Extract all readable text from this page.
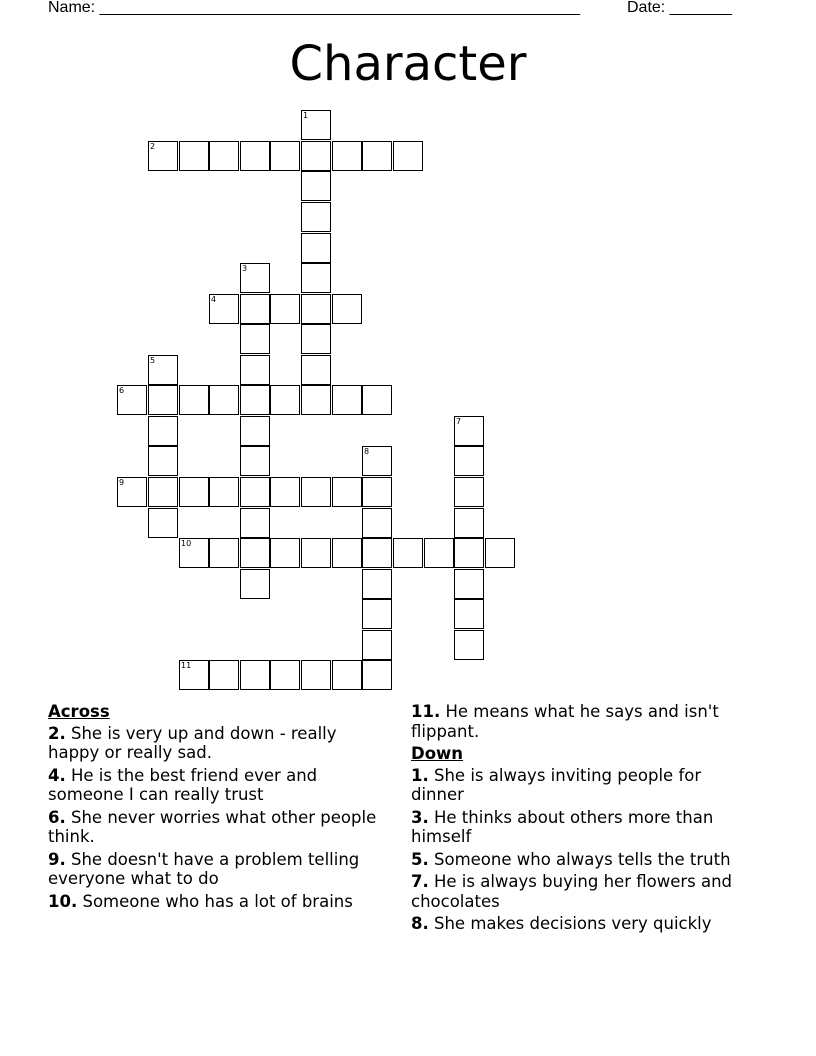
Name: ______________________________________________________	Date: _______
Character
1
2
3
4
5
6
7
8
9
10
11
Across
2. She is very up and down - really happy or really sad.
4. He is the best friend ever and someone I can really trust
6. She never worries what other people think.
9. She doesn't have a problem telling everyone what to do
10. Someone who has a lot of brains
11. He means what he says and isn't flippant.
Down
1. She is always inviting people for dinner
3. He thinks about others more than himself
5. Someone who always tells the truth
7. He is always buying her flowers and chocolates
8. She makes decisions very quickly
